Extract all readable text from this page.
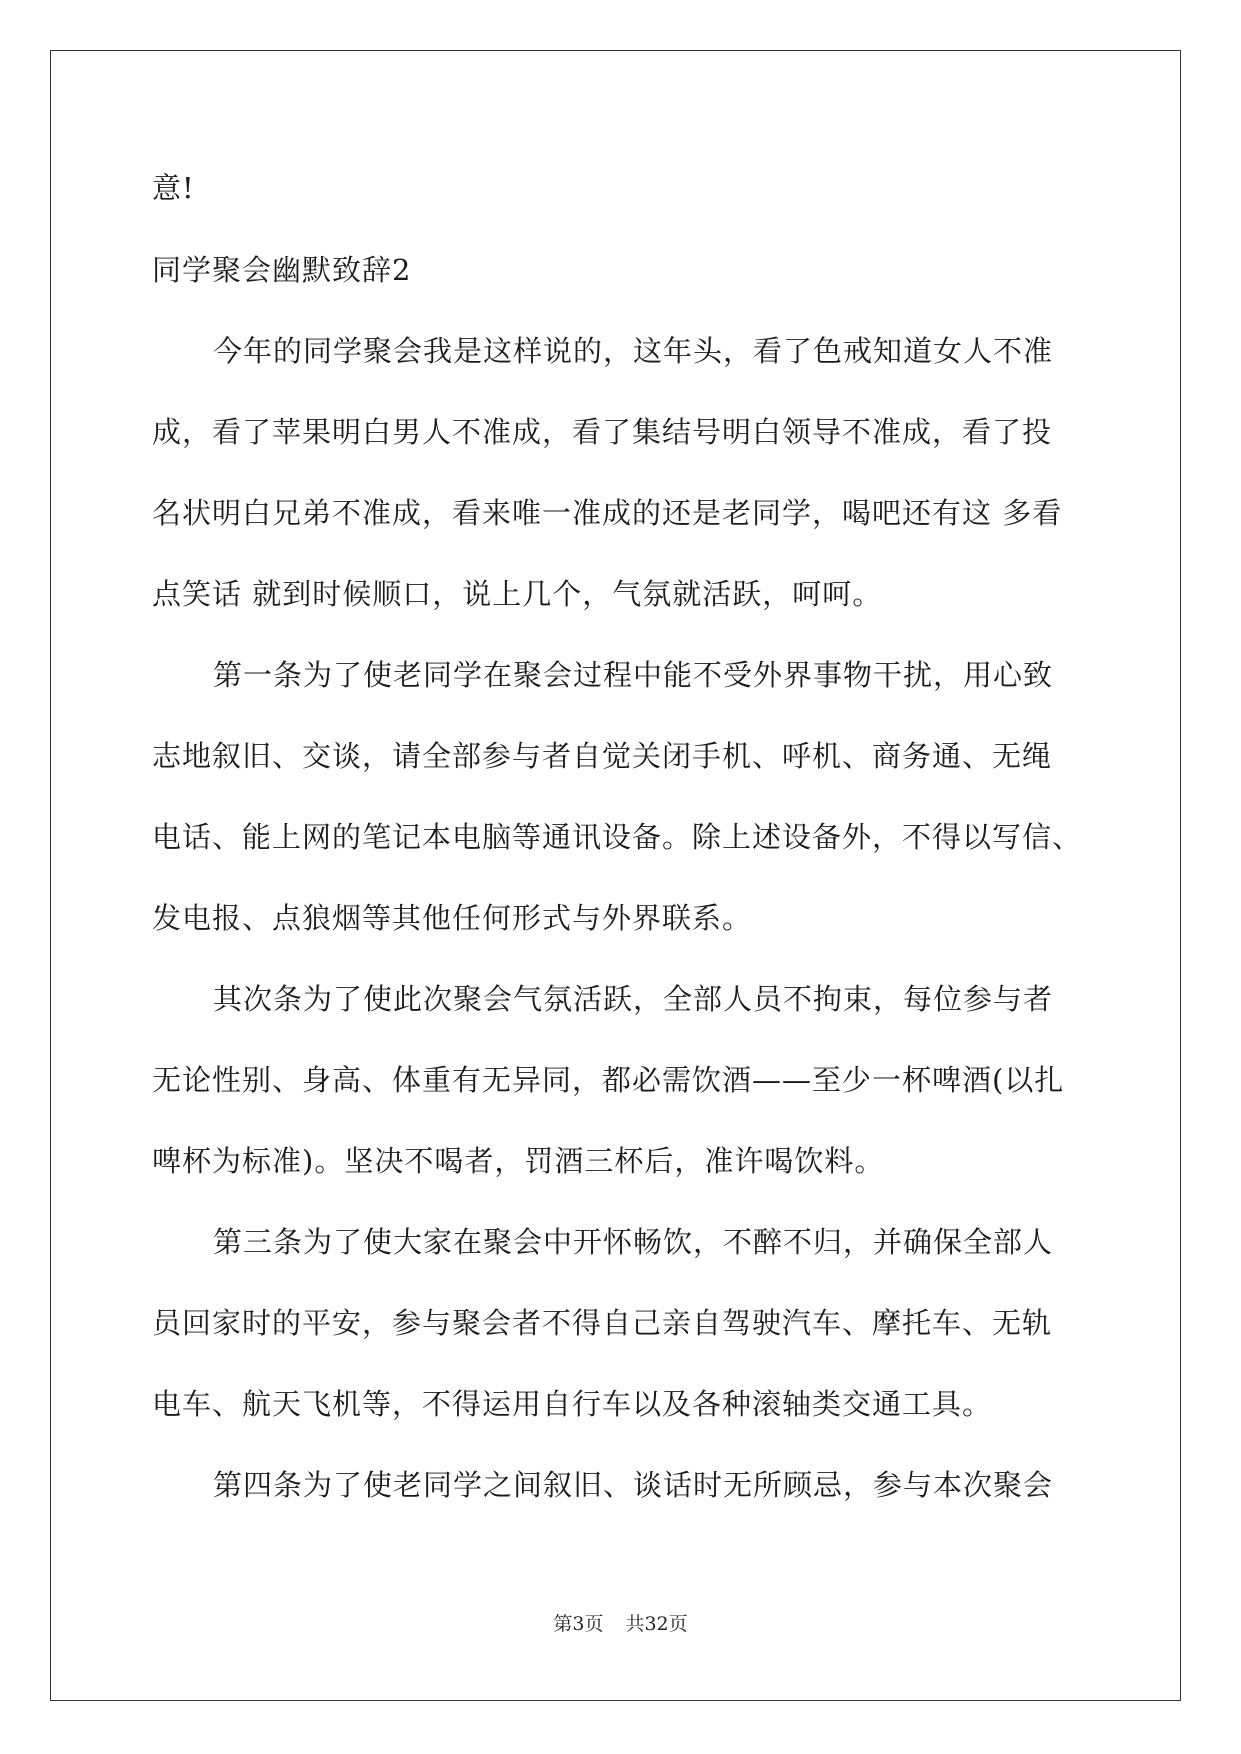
意!

同学聚会幽默致辞2

今年的同学聚会我是这样说的，这年头，看了色戒知道女人不准

成，看了苹果明白男人不准成，看了集结号明白领导不准成，看了投

名状明白兄弟不准成，看来唯一准成的还是老同学，喝吧还有这 多看

点笑话 就到时候顺口，说上几个，气氛就活跃，呵呵。

第一条为了使老同学在聚会过程中能不受外界事物干扰，用心致

志地叙旧、交谈，请全部参与者自觉关闭手机、呼机、商务通、无绳

电话、能上网的笔记本电脑等通讯设备。除上述设备外，不得以写信、

发电报、点狼烟等其他任何形式与外界联系。

其次条为了使此次聚会气氛活跃，全部人员不拘束，每位参与者

无论性别、身高、体重有无异同，都必需饮酒——至少一杯啤酒(以扎

啤杯为标准)。坚决不喝者，罚酒三杯后，准许喝饮料。

第三条为了使大家在聚会中开怀畅饮，不醉不归，并确保全部人

员回家时的平安，参与聚会者不得自己亲自驾驶汽车、摩托车、无轨

电车、航天飞机等，不得运用自行车以及各种滚轴类交通工具。

第四条为了使老同学之间叙旧、谈话时无所顾忌，参与本次聚会

第3页 共32页
